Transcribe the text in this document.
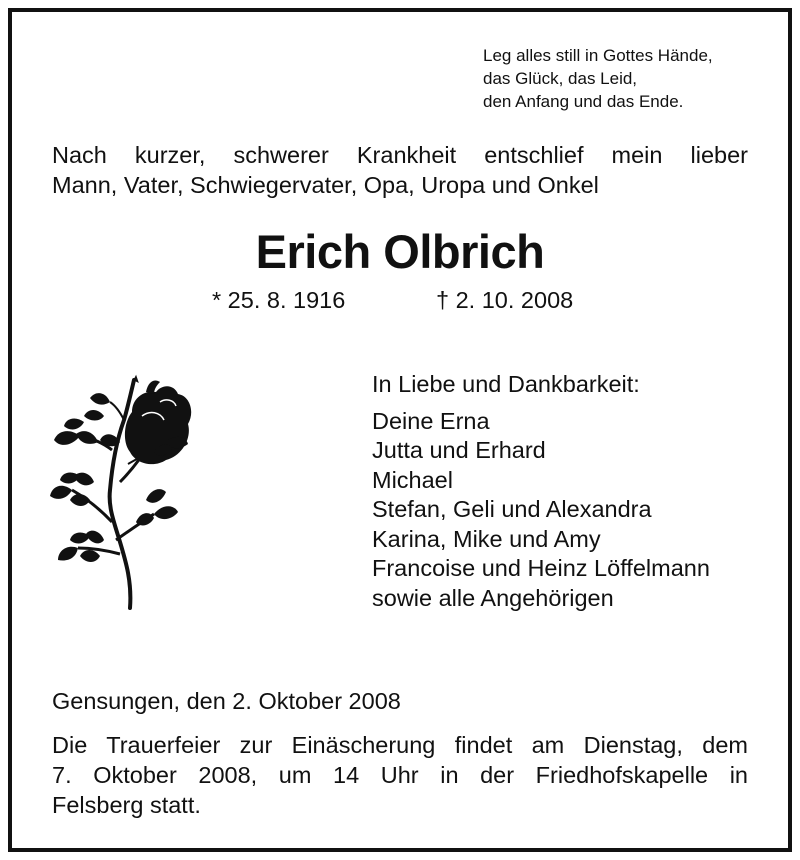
Leg alles still in Gottes Hände,
das Glück, das Leid,
den Anfang und das Ende.
Nach kurzer, schwerer Krankheit entschlief mein lieber
Mann, Vater, Schwiegervater, Opa, Uropa und Onkel
Erich Olbrich
* 25. 8. 1916	† 2. 10. 2008
In Liebe und Dankbarkeit:
Deine Erna
Jutta und Erhard
Michael
Stefan, Geli und Alexandra
Karina, Mike und Amy
Francoise und Heinz Löffelmann
sowie alle Angehörigen
Gensungen, den 2. Oktober 2008
Die Trauerfeier zur Einäscherung findet am Dienstag, dem
7. Oktober 2008, um 14 Uhr in der Friedhofskapelle in
Felsberg statt.
